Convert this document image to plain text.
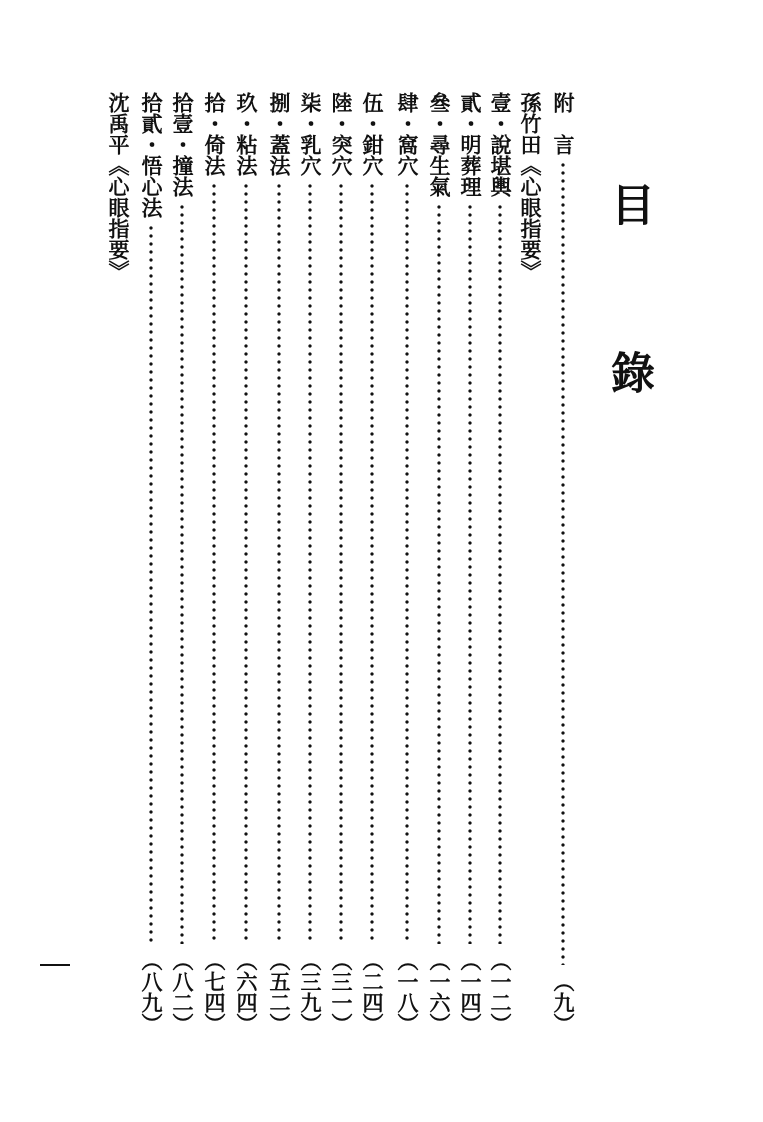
目　錄
附　言
（九）
孫竹田《心眼指要》
壹・說堪輿
（一二）
貳・明葬理
（一四）
叄・尋生氣
（一六）
肆・窩穴
（一八）
伍・鉗穴
（二四）
陸・突穴
（三一）
柒・乳穴
（三九）
捌・蓋法
（五二）
玖・粘法
（六四）
拾・倚法
（七四）
拾壹・撞法
（八二）
拾貳・悟心法
（八九）
沈禹平《心眼指要》
